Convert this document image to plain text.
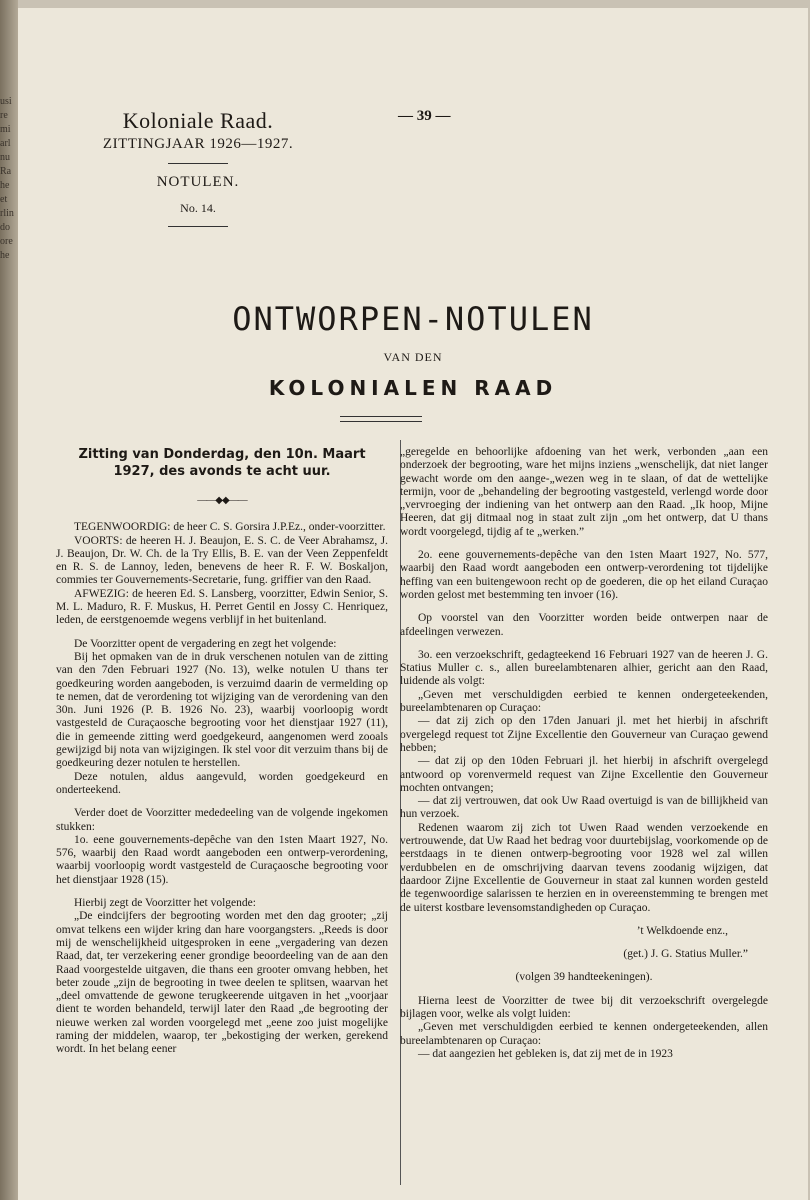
usi re mi arl nu Ra he et rlin do ore he
Koloniale Raad.
ZITTINGJAAR 1926—1927.
NOTULEN.
No. 14.
— 39 —
ONTWORPEN-NOTULEN
VAN DEN
KOLONIALEN RAAD

Zitting van Donderdag, den 10n. Maart 1927, des avonds te acht uur.

——◆◆——

TEGENWOORDIG: de heer C. S. Gorsira J.P.Ez., onder-voorzitter.

VOORTS: de heeren H. J. Beaujon, E. S. C. de Veer Abrahamsz, J. J. Beaujon, Dr. W. Ch. de la Try Ellis, B. E. van der Veen Zeppenfeldt en R. S. de Lannoy, leden, benevens de heer R. F. W. Boskaljon, commies ter Gouvernements-Secretarie, fung. griffier van den Raad.

AFWEZIG: de heeren Ed. S. Lansberg, voorzitter, Edwin Senior, S. M. L. Maduro, R. F. Muskus, H. Perret Gentil en Jossy C. Henriquez, leden, de eerstgenoemde wegens verblijf in het buitenland.

De Voorzitter opent de vergadering en zegt het volgende:

Bij het opmaken van de in druk verschenen notulen van de zitting van den 7den Februari 1927 (No. 13), welke notulen U thans ter goedkeuring worden aangeboden, is verzuimd daarin de vermelding op te nemen, dat de verordening tot wijziging van de verordening van den 30n. Juni 1926 (P. B. 1926 No. 23), waarbij voorloopig wordt vastgesteld de Curaçaosche begrooting voor het dienstjaar 1927 (11), die in gemeende zitting werd goedgekeurd, aangenomen werd zooals gewijzigd bij nota van wijzigingen. Ik stel voor dit verzuim thans bij de goedkeuring dezer notulen te herstellen.

Deze notulen, aldus aangevuld, worden goedgekeurd en onderteekend.

Verder doet de Voorzitter mededeeling van de volgende ingekomen stukken:

1o. eene gouvernements-depêche van den 1sten Maart 1927, No. 576, waarbij den Raad wordt aangeboden een ontwerp-verordening, waarbij voorloopig wordt vastgesteld de Curaçaosche begrooting voor het dienstjaar 1928 (15).

Hierbij zegt de Voorzitter het volgende:

„De eindcijfers der begrooting worden met den dag grooter; „zij omvat telkens een wijder kring dan hare voorgangsters. „Reeds is door mij de wenschelijkheid uitgesproken in eene „vergadering van dezen Raad, dat, ter verzekering eener grondige beoordeeling van de aan den Raad voorgestelde uitgaven, die thans een grooter omvang hebben, het beter zoude „zijn de begrooting in twee deelen te splitsen, waarvan het „deel omvattende de gewone terugkeerende uitgaven in het „voorjaar dient te worden behandeld, terwijl later den Raad „de begrooting der nieuwe werken zal worden voorgelegd met „eene zoo juist mogelijke raming der middelen, waarop, ter „bekostiging der werken, gerekend wordt. In het belang eener

„geregelde en behoorlijke afdoening van het werk, verbonden „aan een onderzoek der begrooting, ware het mijns inziens „wenschelijk, dat niet langer gewacht worde om den aange-„wezen weg in te slaan, of dat de wettelijke termijn, voor de „behandeling der begrooting vastgesteld, verlengd worde door „vervroeging der indiening van het ontwerp aan den Raad. „Ik hoop, Mijne Heeren, dat gij ditmaal nog in staat zult zijn „om het ontwerp, dat U thans wordt voorgelegd, tijdig af te „werken.”

2o. eene gouvernements-depêche van den 1sten Maart 1927, No. 577, waarbij den Raad wordt aangeboden een ontwerp-verordening tot tijdelijke heffing van een buitengewoon recht op de goederen, die op het eiland Curaçao worden gelost met bestemming ten invoer (16).

Op voorstel van den Voorzitter worden beide ontwerpen naar de afdeelingen verwezen.

3o. een verzoekschrift, gedagteekend 16 Februari 1927 van de heeren J. G. Statius Muller c. s., allen bureelambtenaren alhier, gericht aan den Raad, luidende als volgt:

„Geven met verschuldigden eerbied te kennen ondergeteekenden, bureelambtenaren op Curaçao:

— dat zij zich op den 17den Januari jl. met het hierbij in afschrift overgelegd request tot Zijne Excellentie den Gouverneur van Curaçao gewend hebben;

— dat zij op den 10den Februari jl. het hierbij in afschrift overgelegd antwoord op vorenvermeld request van Zijne Excellentie den Gouverneur mochten ontvangen;

— dat zij vertrouwen, dat ook Uw Raad overtuigd is van de billijkheid van hun verzoek.

Redenen waarom zij zich tot Uwen Raad wenden verzoekende en vertrouwende, dat Uw Raad het bedrag voor duurtebijslag, voorkomende op de eerstdaags in te dienen ontwerp-begrooting voor 1928 wel zal willen verdubbelen en de omschrijving daarvan tevens zoodanig wijzigen, dat daardoor Zijne Excellentie de Gouverneur in staat zal kunnen worden gesteld de tegenwoordige salarissen te herzien en in overeenstemming te brengen met de uiterst kostbare levensomstandigheden op Curaçao.

’t Welkdoende enz.,

(get.) J. G. Statius Muller.”

(volgen 39 handteekeningen).

Hierna leest de Voorzitter de twee bij dit verzoekschrift overgelegde bijlagen voor, welke als volgt luiden:

„Geven met verschuldigden eerbied te kennen ondergeteekenden, allen bureelambtenaren op Curaçao:

— dat aangezien het gebleken is, dat zij met de in 1923
